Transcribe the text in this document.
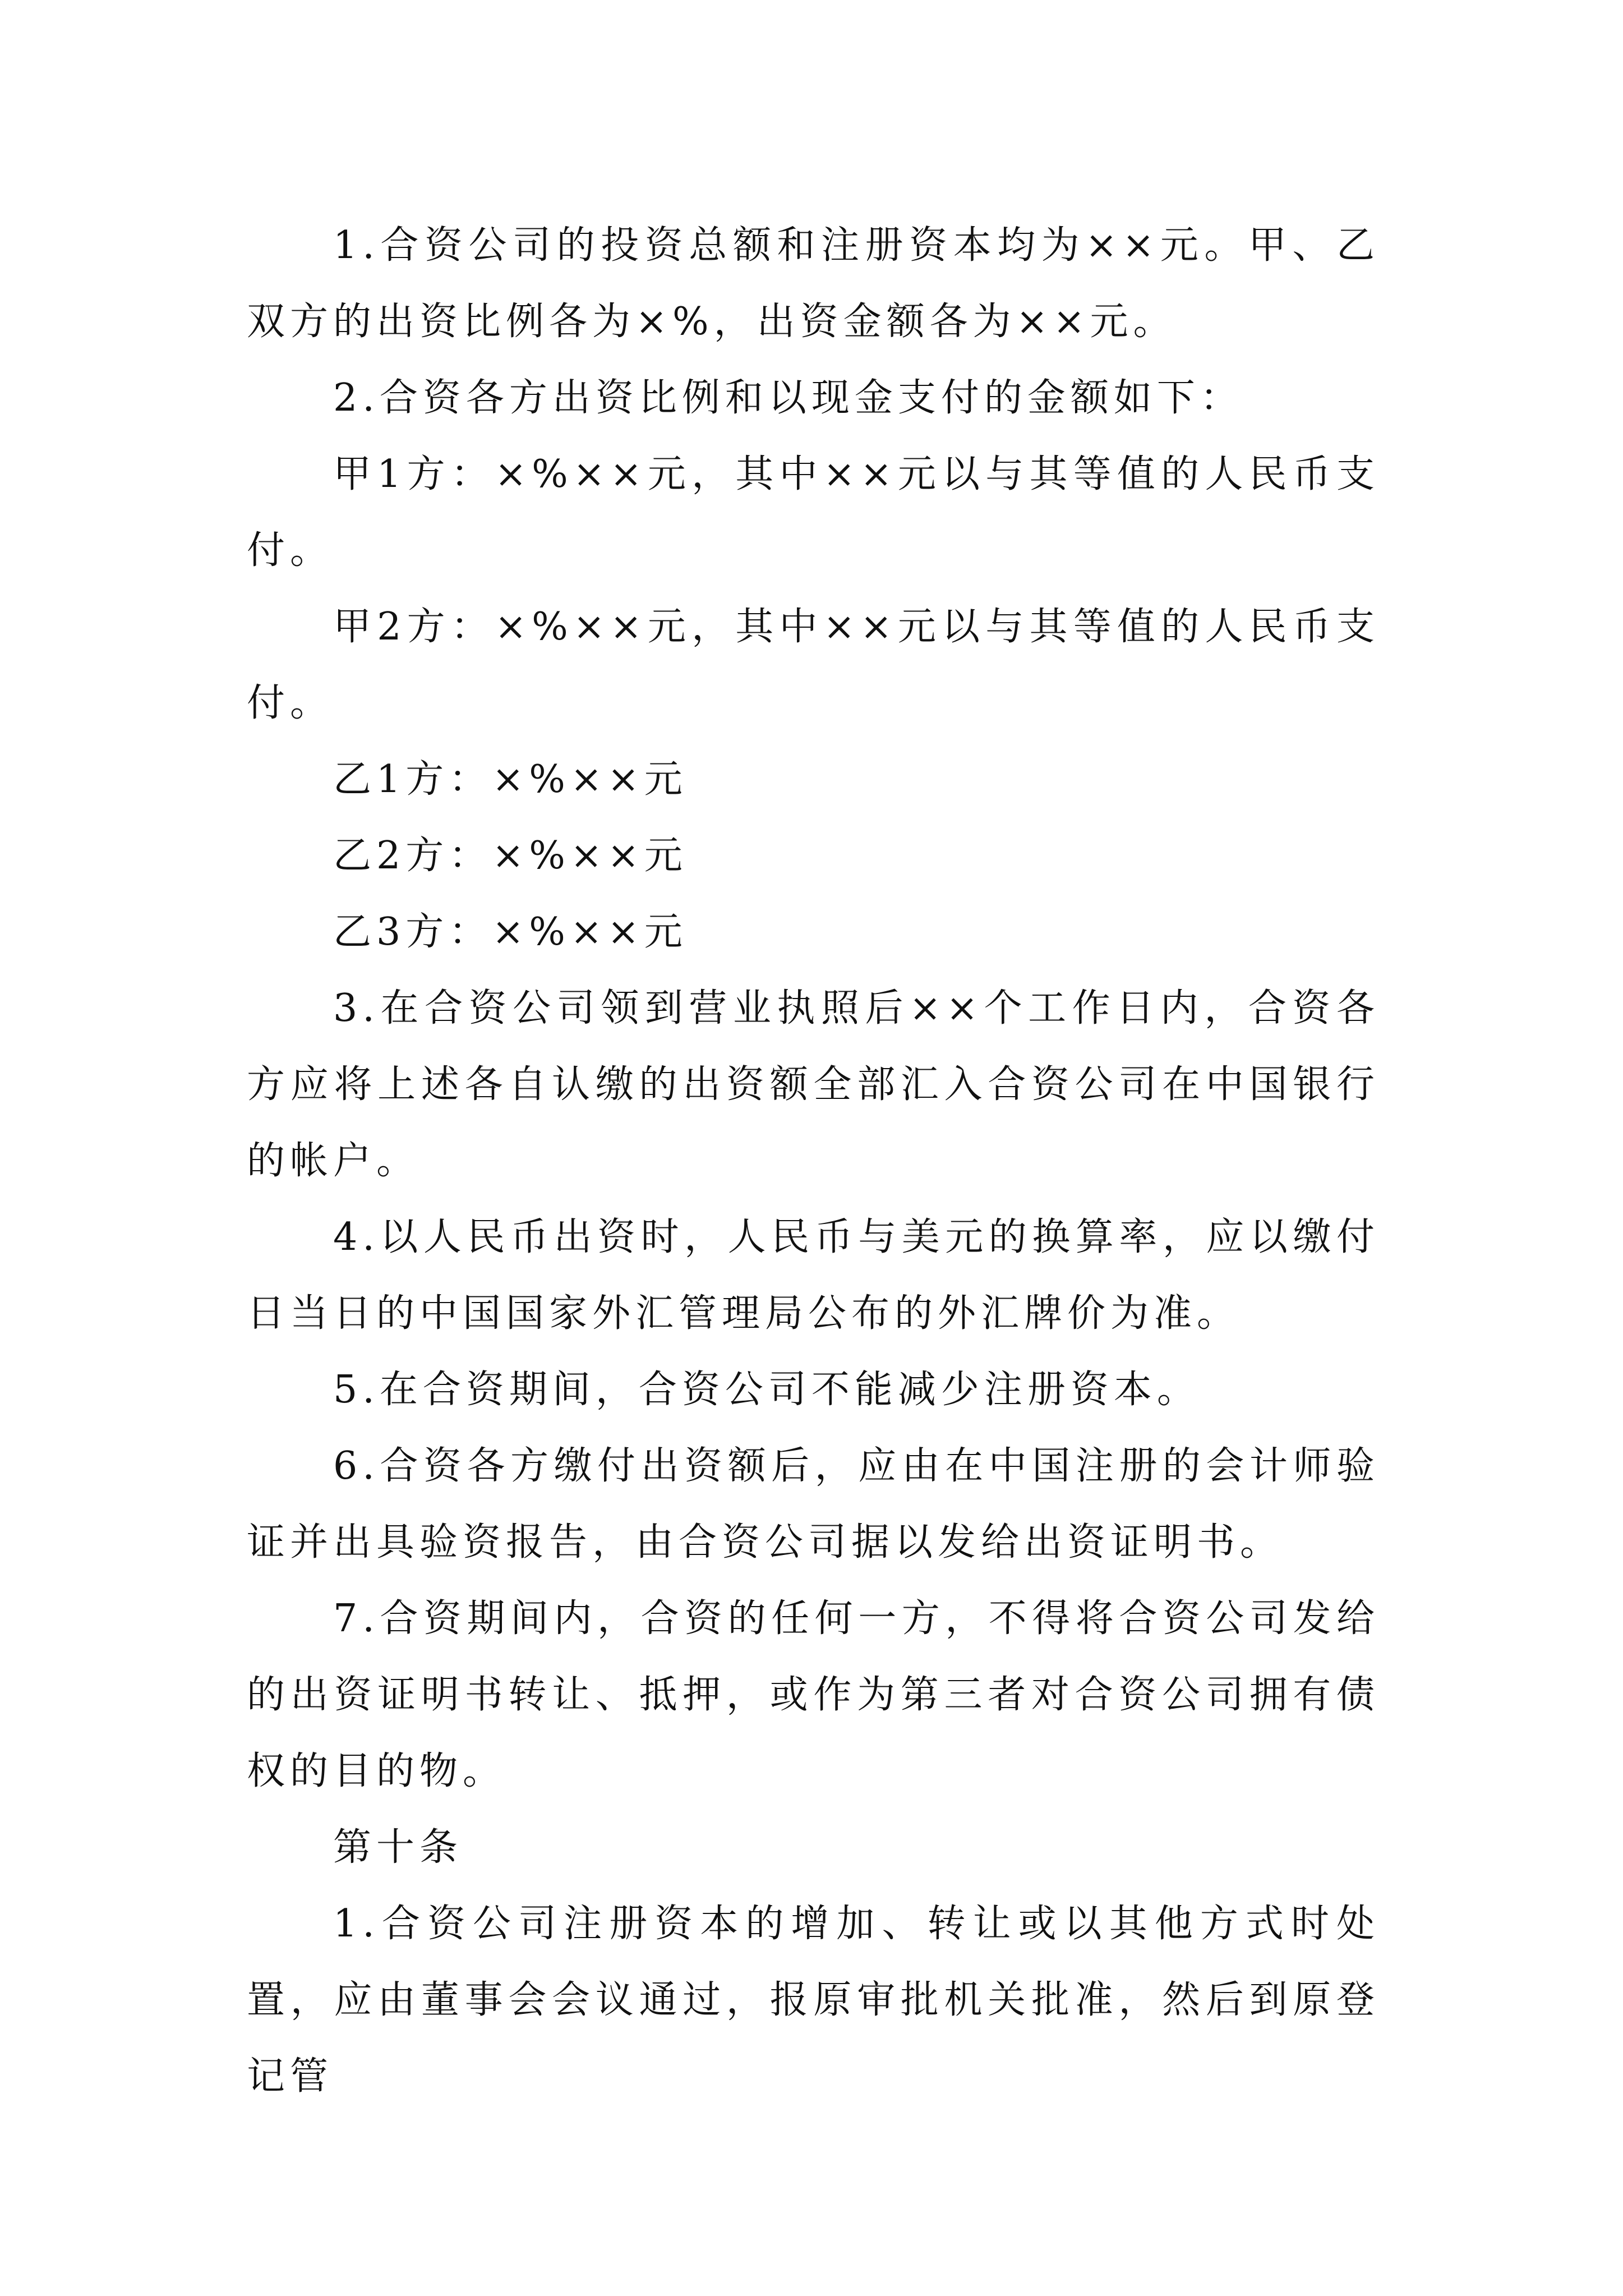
1.合资公司的投资总额和注册资本均为××元。甲、乙双方的出资比例各为×%，出资金额各为××元。

2.合资各方出资比例和以现金支付的金额如下：

甲1方：×%××元，其中××元以与其等值的人民币支付。

甲2方：×%××元，其中××元以与其等值的人民币支付。

乙1方：×%××元

乙2方：×%××元

乙3方：×%××元

3.在合资公司领到营业执照后××个工作日内，合资各方应将上述各自认缴的出资额全部汇入合资公司在中国银行的帐户。

4.以人民币出资时，人民币与美元的换算率，应以缴付日当日的中国国家外汇管理局公布的外汇牌价为准。

5.在合资期间，合资公司不能减少注册资本。

6.合资各方缴付出资额后，应由在中国注册的会计师验证并出具验资报告，由合资公司据以发给出资证明书。

7.合资期间内，合资的任何一方，不得将合资公司发给的出资证明书转让、抵押，或作为第三者对合资公司拥有债权的目的物。

第十条

1.合资公司注册资本的增加、转让或以其他方式时处置，应由董事会会议通过，报原审批机关批准，然后到原登记管
